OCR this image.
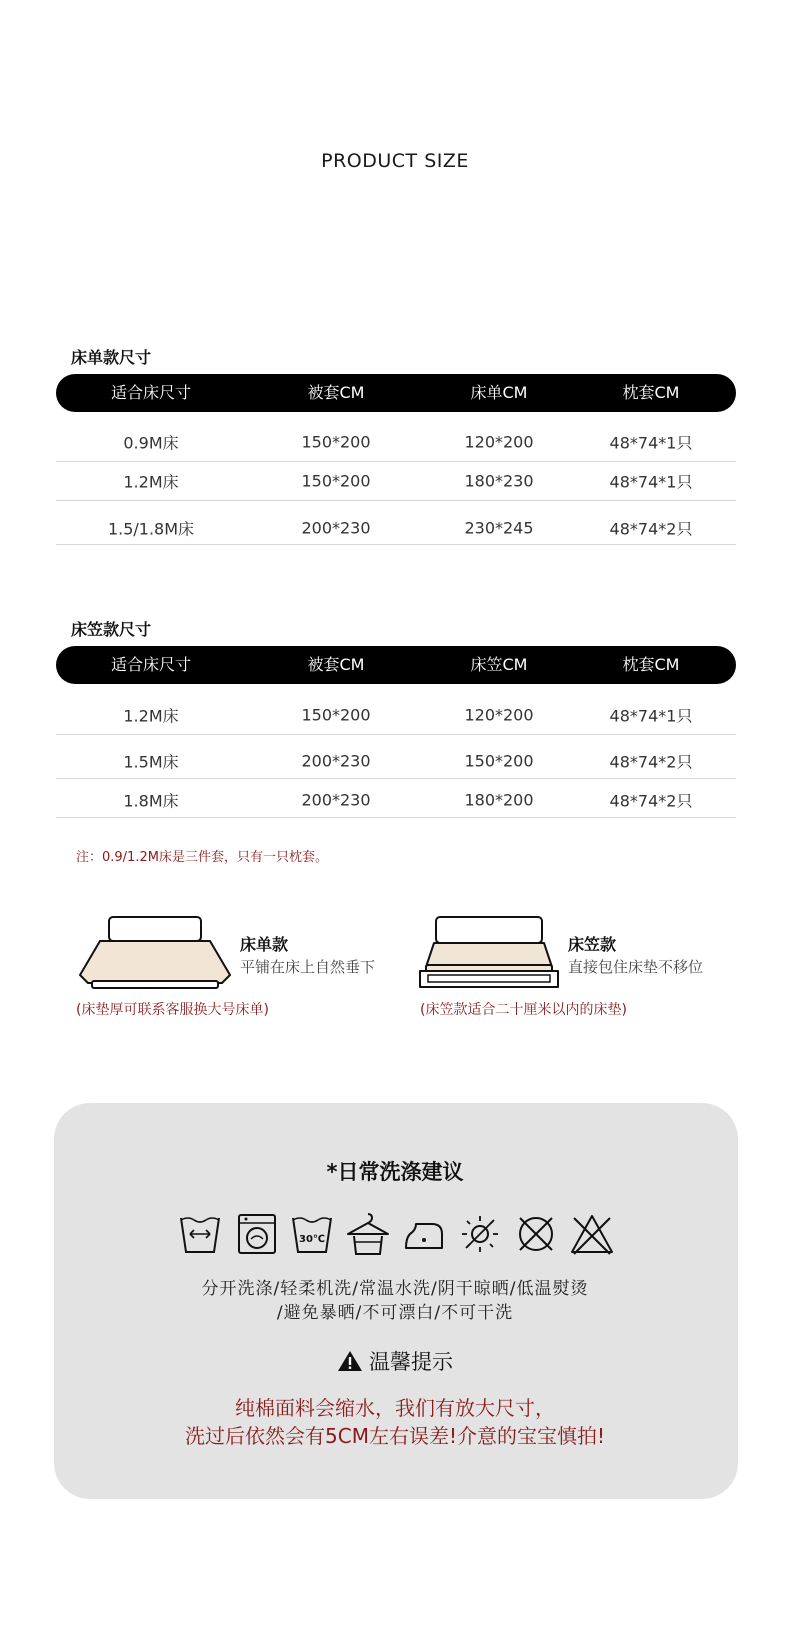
PRODUCT SIZE
床单款尺寸
适合床尺寸	被套CM	床单CM	枕套CM
0.9M床	150*200	120*200	48*74*1只
1.2M床	150*200	180*230	48*74*1只
1.5/1.8M床	200*230	230*245	48*74*2只
床笠款尺寸
适合床尺寸	被套CM	床笠CM	枕套CM
1.2M床	150*200	120*200	48*74*1只
1.5M床	200*230	150*200	48*74*2只
1.8M床	200*230	180*200	48*74*2只
注：0.9/1.2M床是三件套，只有一只枕套。
床单款
平铺在床上自然垂下
(床垫厚可联系客服换大号床单)
床笠款
直接包住床垫不移位
(床笠款适合二十厘米以内的床垫)
*日常洗涤建议
30℃
分开洗涤/轻柔机洗/常温水洗/阴干晾晒/低温熨烫
/避免暴晒/不可漂白/不可干洗
温馨提示
纯棉面料会缩水，我们有放大尺寸，
洗过后依然会有5CM左右误差!介意的宝宝慎拍!
